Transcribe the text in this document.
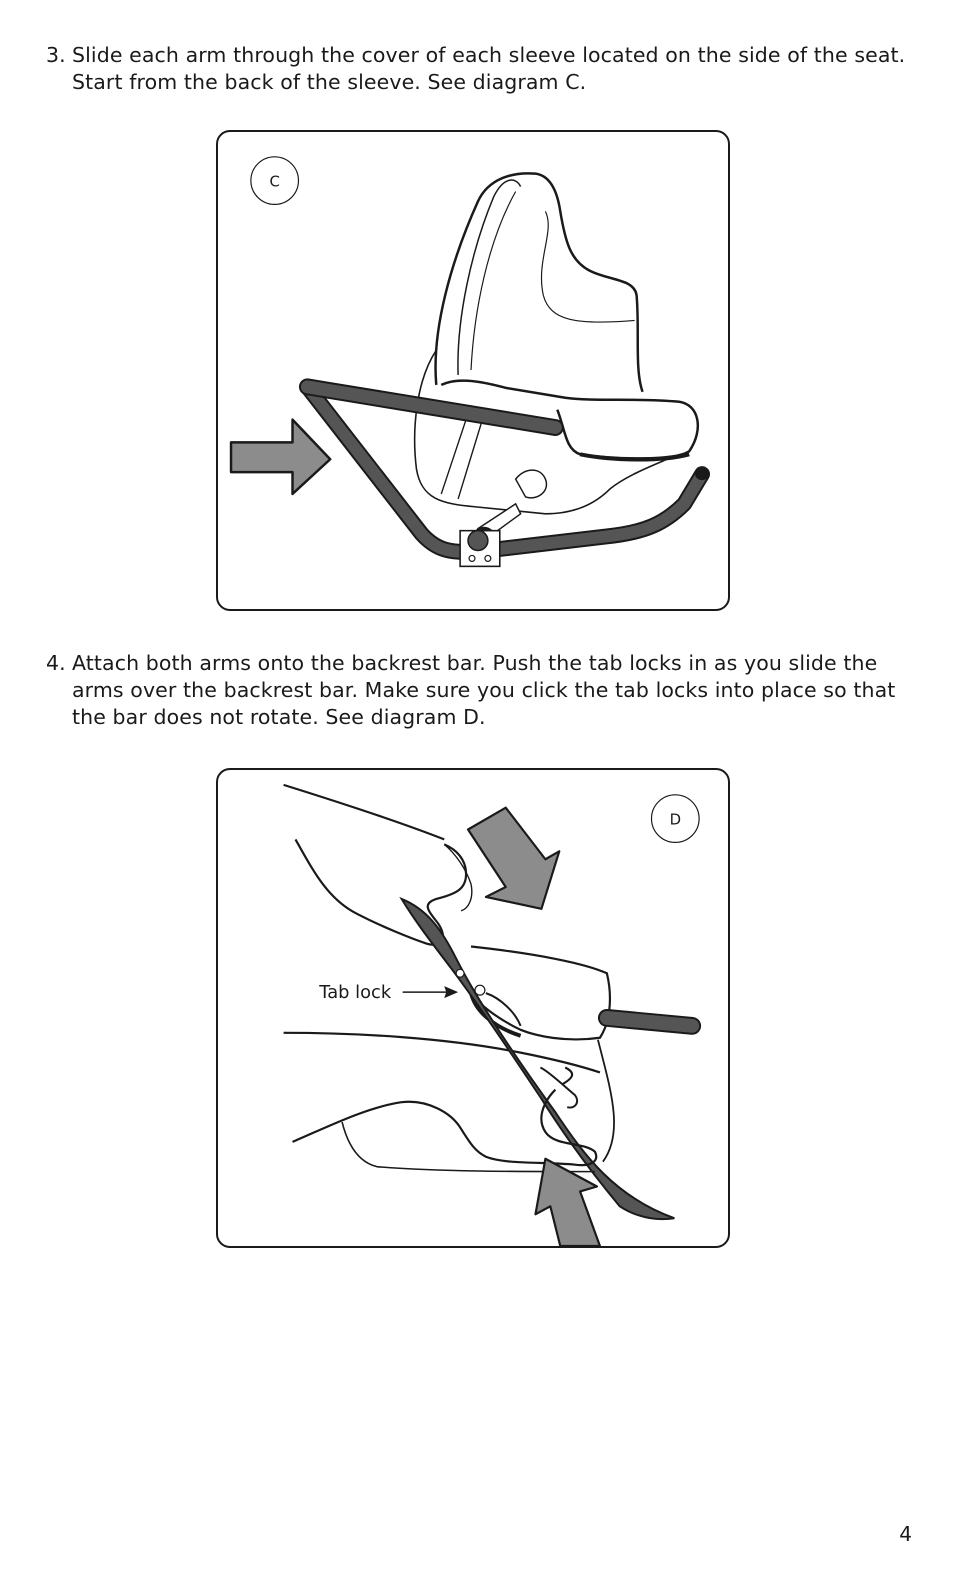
3. Slide each arm through the cover of each sleeve located on the side of the seat.
Start from the back of the sleeve. See diagram C.
C
4. Attach both arms onto the backrest bar. Push the tab locks in as you slide the
arms over the backrest bar. Make sure you click the tab locks into place so that
the bar does not rotate. See diagram D.
D
Tab lock
4
